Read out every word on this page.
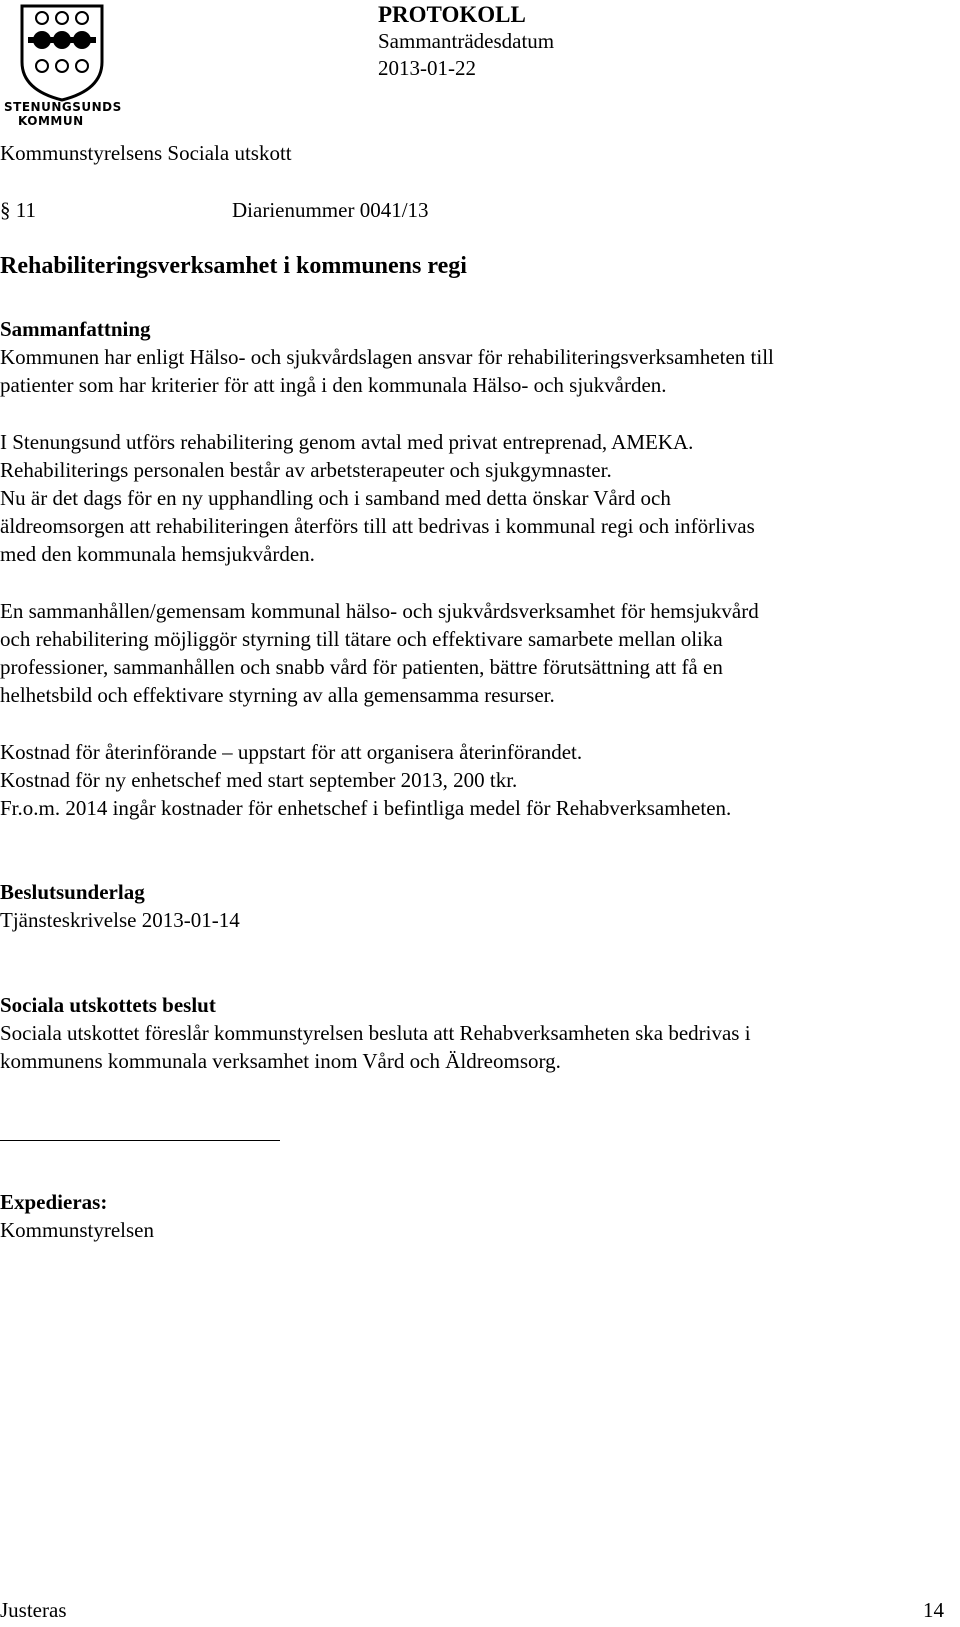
STENUNGSUNDS
KOMMUN
PROTOKOLL
Sammanträdesdatum
2013-01-22
Kommunstyrelsens Sociala utskott
§ 11	Diarienummer 0041/13
Rehabiliteringsverksamhet i kommunens regi
Sammanfattning
Kommunen har enligt Hälso- och sjukvårdslagen ansvar för rehabiliteringsverksamheten till
patienter som har kriterier för att ingå i den kommunala Hälso- och sjukvården.
I Stenungsund utförs rehabilitering genom avtal med privat entreprenad, AMEKA.
Rehabiliterings personalen består av arbetsterapeuter och sjukgymnaster.
Nu är det dags för en ny upphandling och i samband med detta önskar Vård och
äldreomsorgen att rehabiliteringen återförs till att bedrivas i kommunal regi och införlivas
med den kommunala hemsjukvården.
En sammanhållen/gemensam kommunal hälso- och sjukvårdsverksamhet för hemsjukvård
och rehabilitering möjliggör styrning till tätare och effektivare samarbete mellan olika
professioner, sammanhållen och snabb vård för patienten, bättre förutsättning att få en
helhetsbild och effektivare styrning av alla gemensamma resurser.
Kostnad för återinförande – uppstart för att organisera återinförandet.
Kostnad för ny enhetschef med start september 2013, 200 tkr.
Fr.o.m. 2014 ingår kostnader för enhetschef i befintliga medel för Rehabverksamheten.
Beslutsunderlag
Tjänsteskrivelse 2013-01-14
Sociala utskottets beslut
Sociala utskottet föreslår kommunstyrelsen besluta att Rehabverksamheten ska bedrivas i
kommunens kommunala verksamhet inom Vård och Äldreomsorg.
Expedieras:
Kommunstyrelsen
Justeras	14
